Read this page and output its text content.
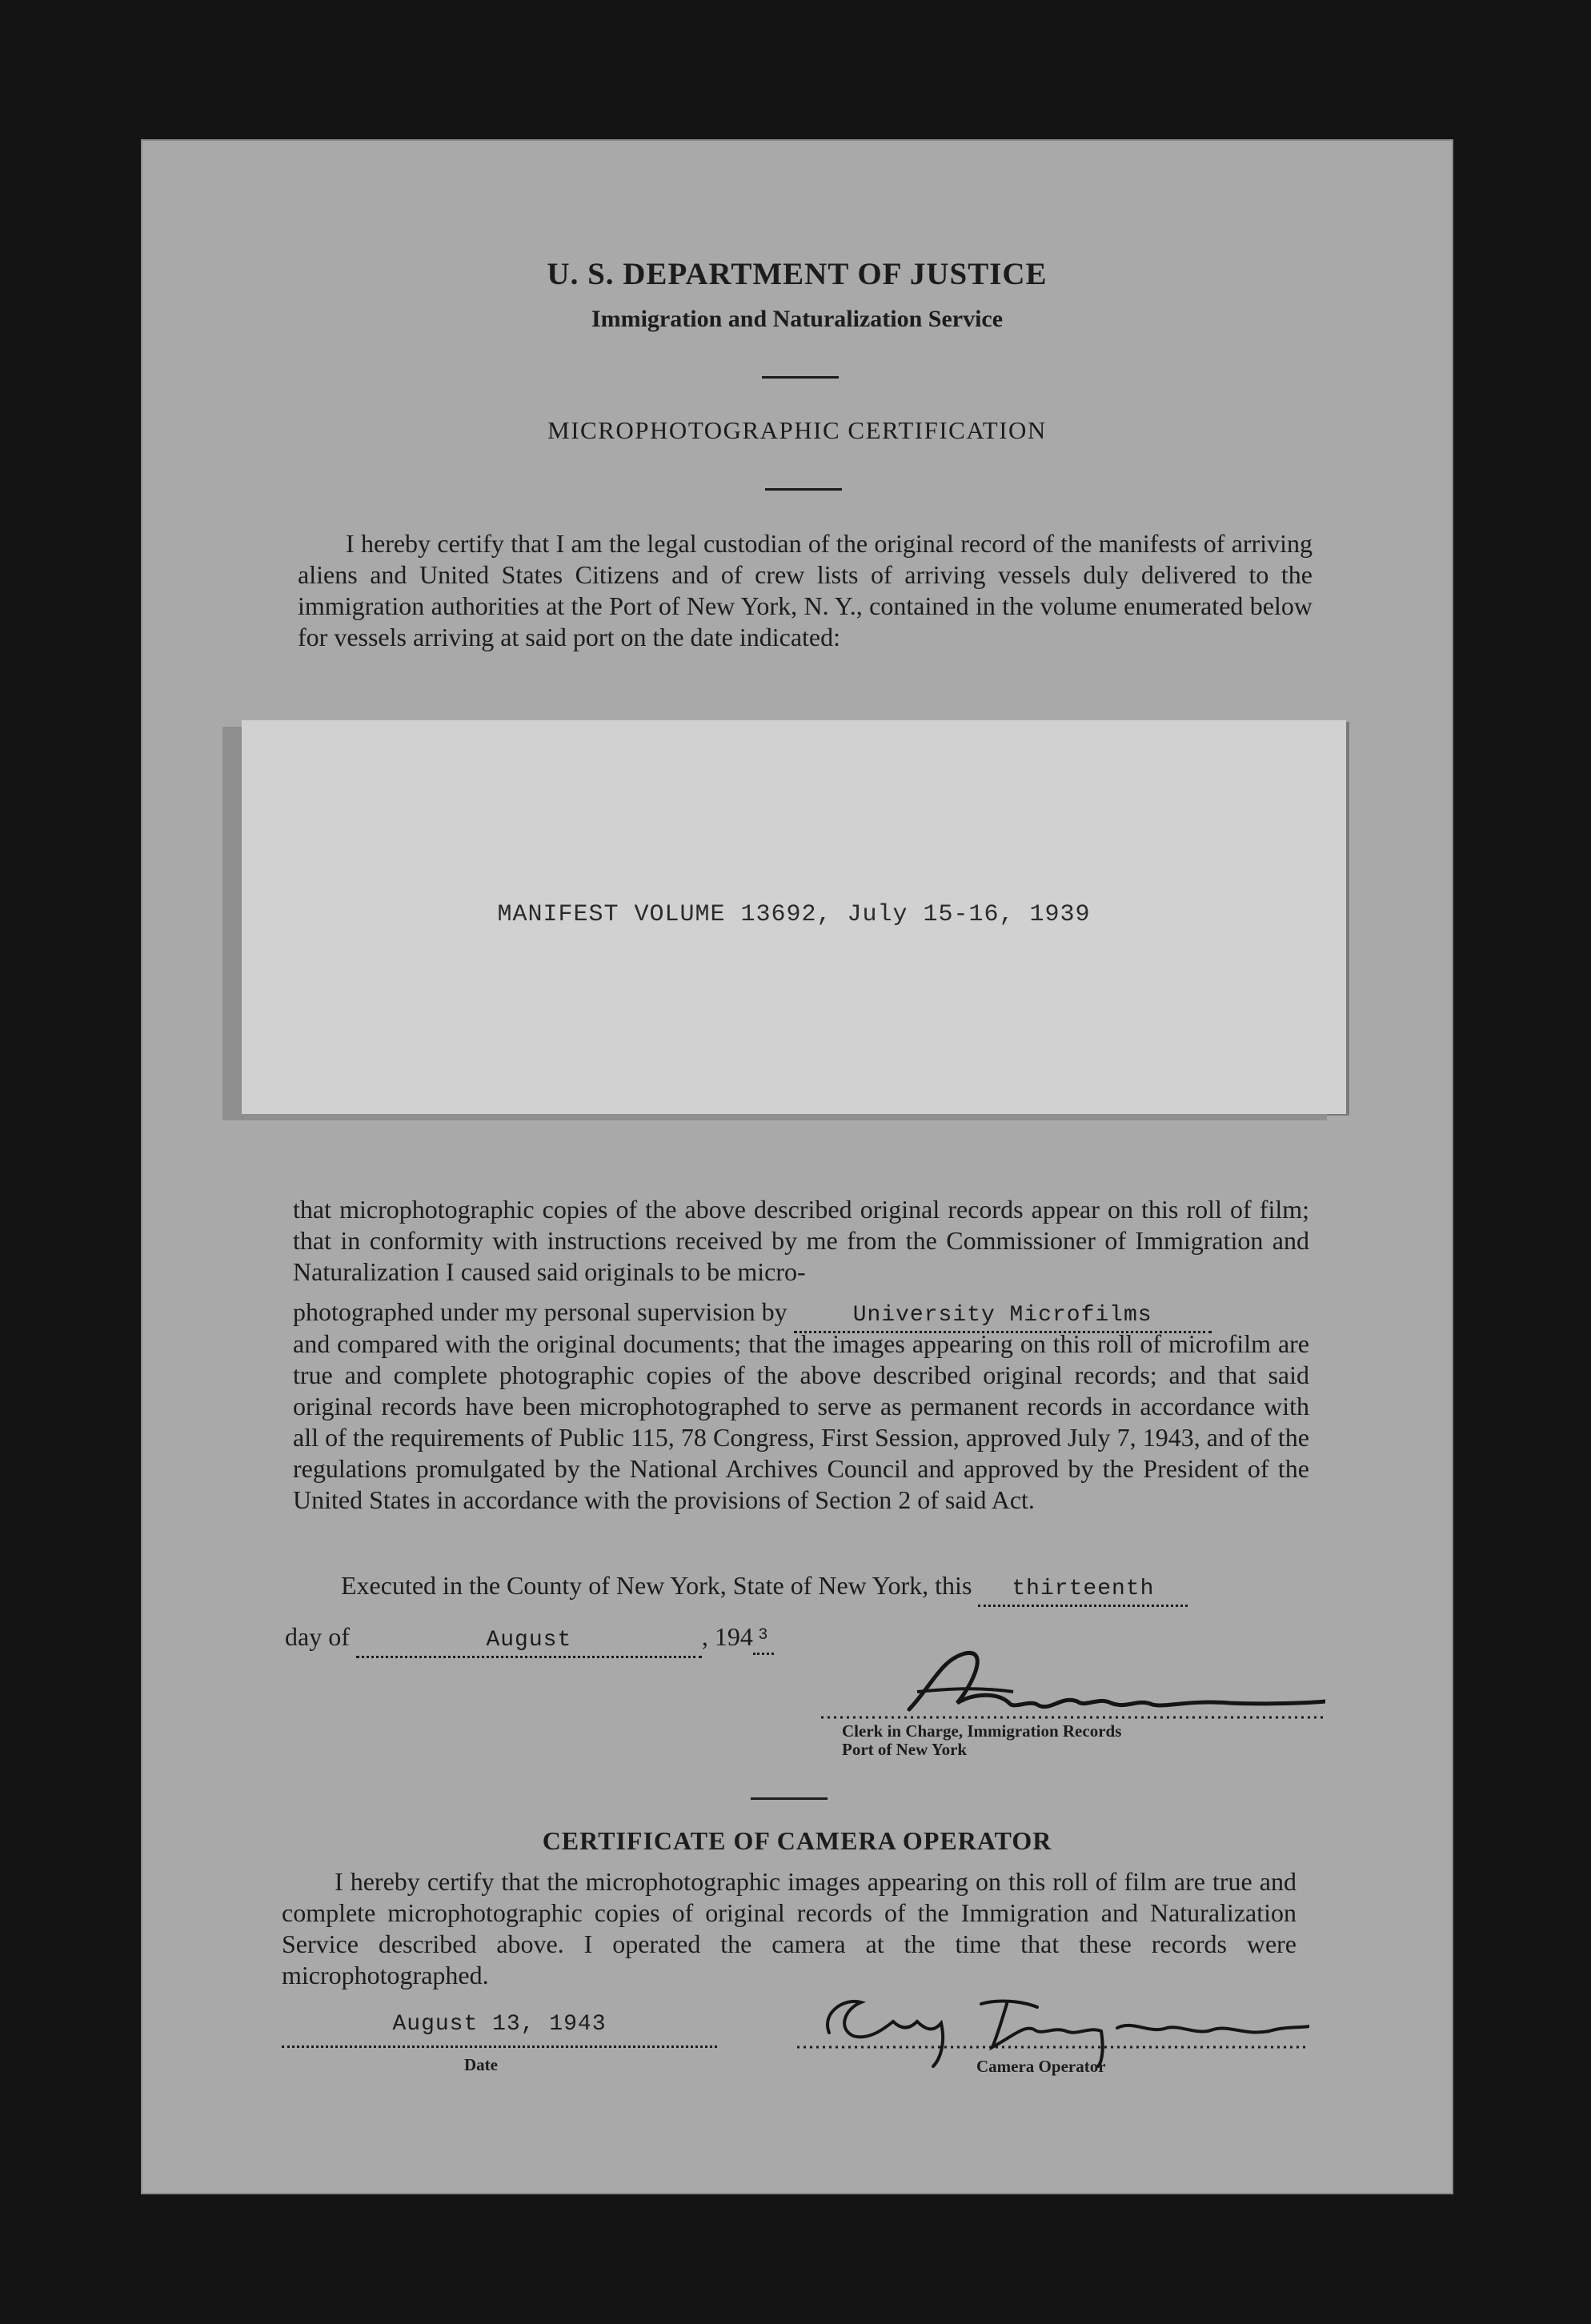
U. S. DEPARTMENT OF JUSTICE
Immigration and Naturalization Service
MICROPHOTOGRAPHIC CERTIFICATION
I hereby certify that I am the legal custodian of the original record of the manifests of arriving aliens and United States Citizens and of crew lists of arriving vessels duly delivered to the immigration authorities at the Port of New York, N. Y., contained in the volume enumerated below for vessels arriving at said port on the date indicated:
MANIFEST VOLUME 13692, July 15-16, 1939
that microphotographic copies of the above described original records appear on this roll of film; that in conformity with instructions received by me from the Commissioner of Immigration and Naturalization I caused said originals to be micro-
photographed under my personal supervision by	University Microfilms
and compared with the original documents; that the images appearing on this roll of microfilm are true and complete photographic copies of the above described original records; and that said original records have been microphotographed to serve as permanent records in accordance with all of the requirements of Public 115, 78 Congress, First Session, approved July 7, 1943, and of the regulations promulgated by the National Archives Council and approved by the President of the United States in accordance with the provisions of Section 2 of said Act.
Executed in the County of New York, State of New York, this thirteenth
day of	August	, 194 $^3$
Clerk in Charge, Immigration Records
Port of New York
CERTIFICATE OF CAMERA OPERATOR
I hereby certify that the microphotographic images appearing on this roll of film are true and complete microphotographic copies of original records of the Immigration and Naturalization Service described above. I operated the camera at the time that these records were microphotographed.
August 13, 1943
Date	Camera Operator
